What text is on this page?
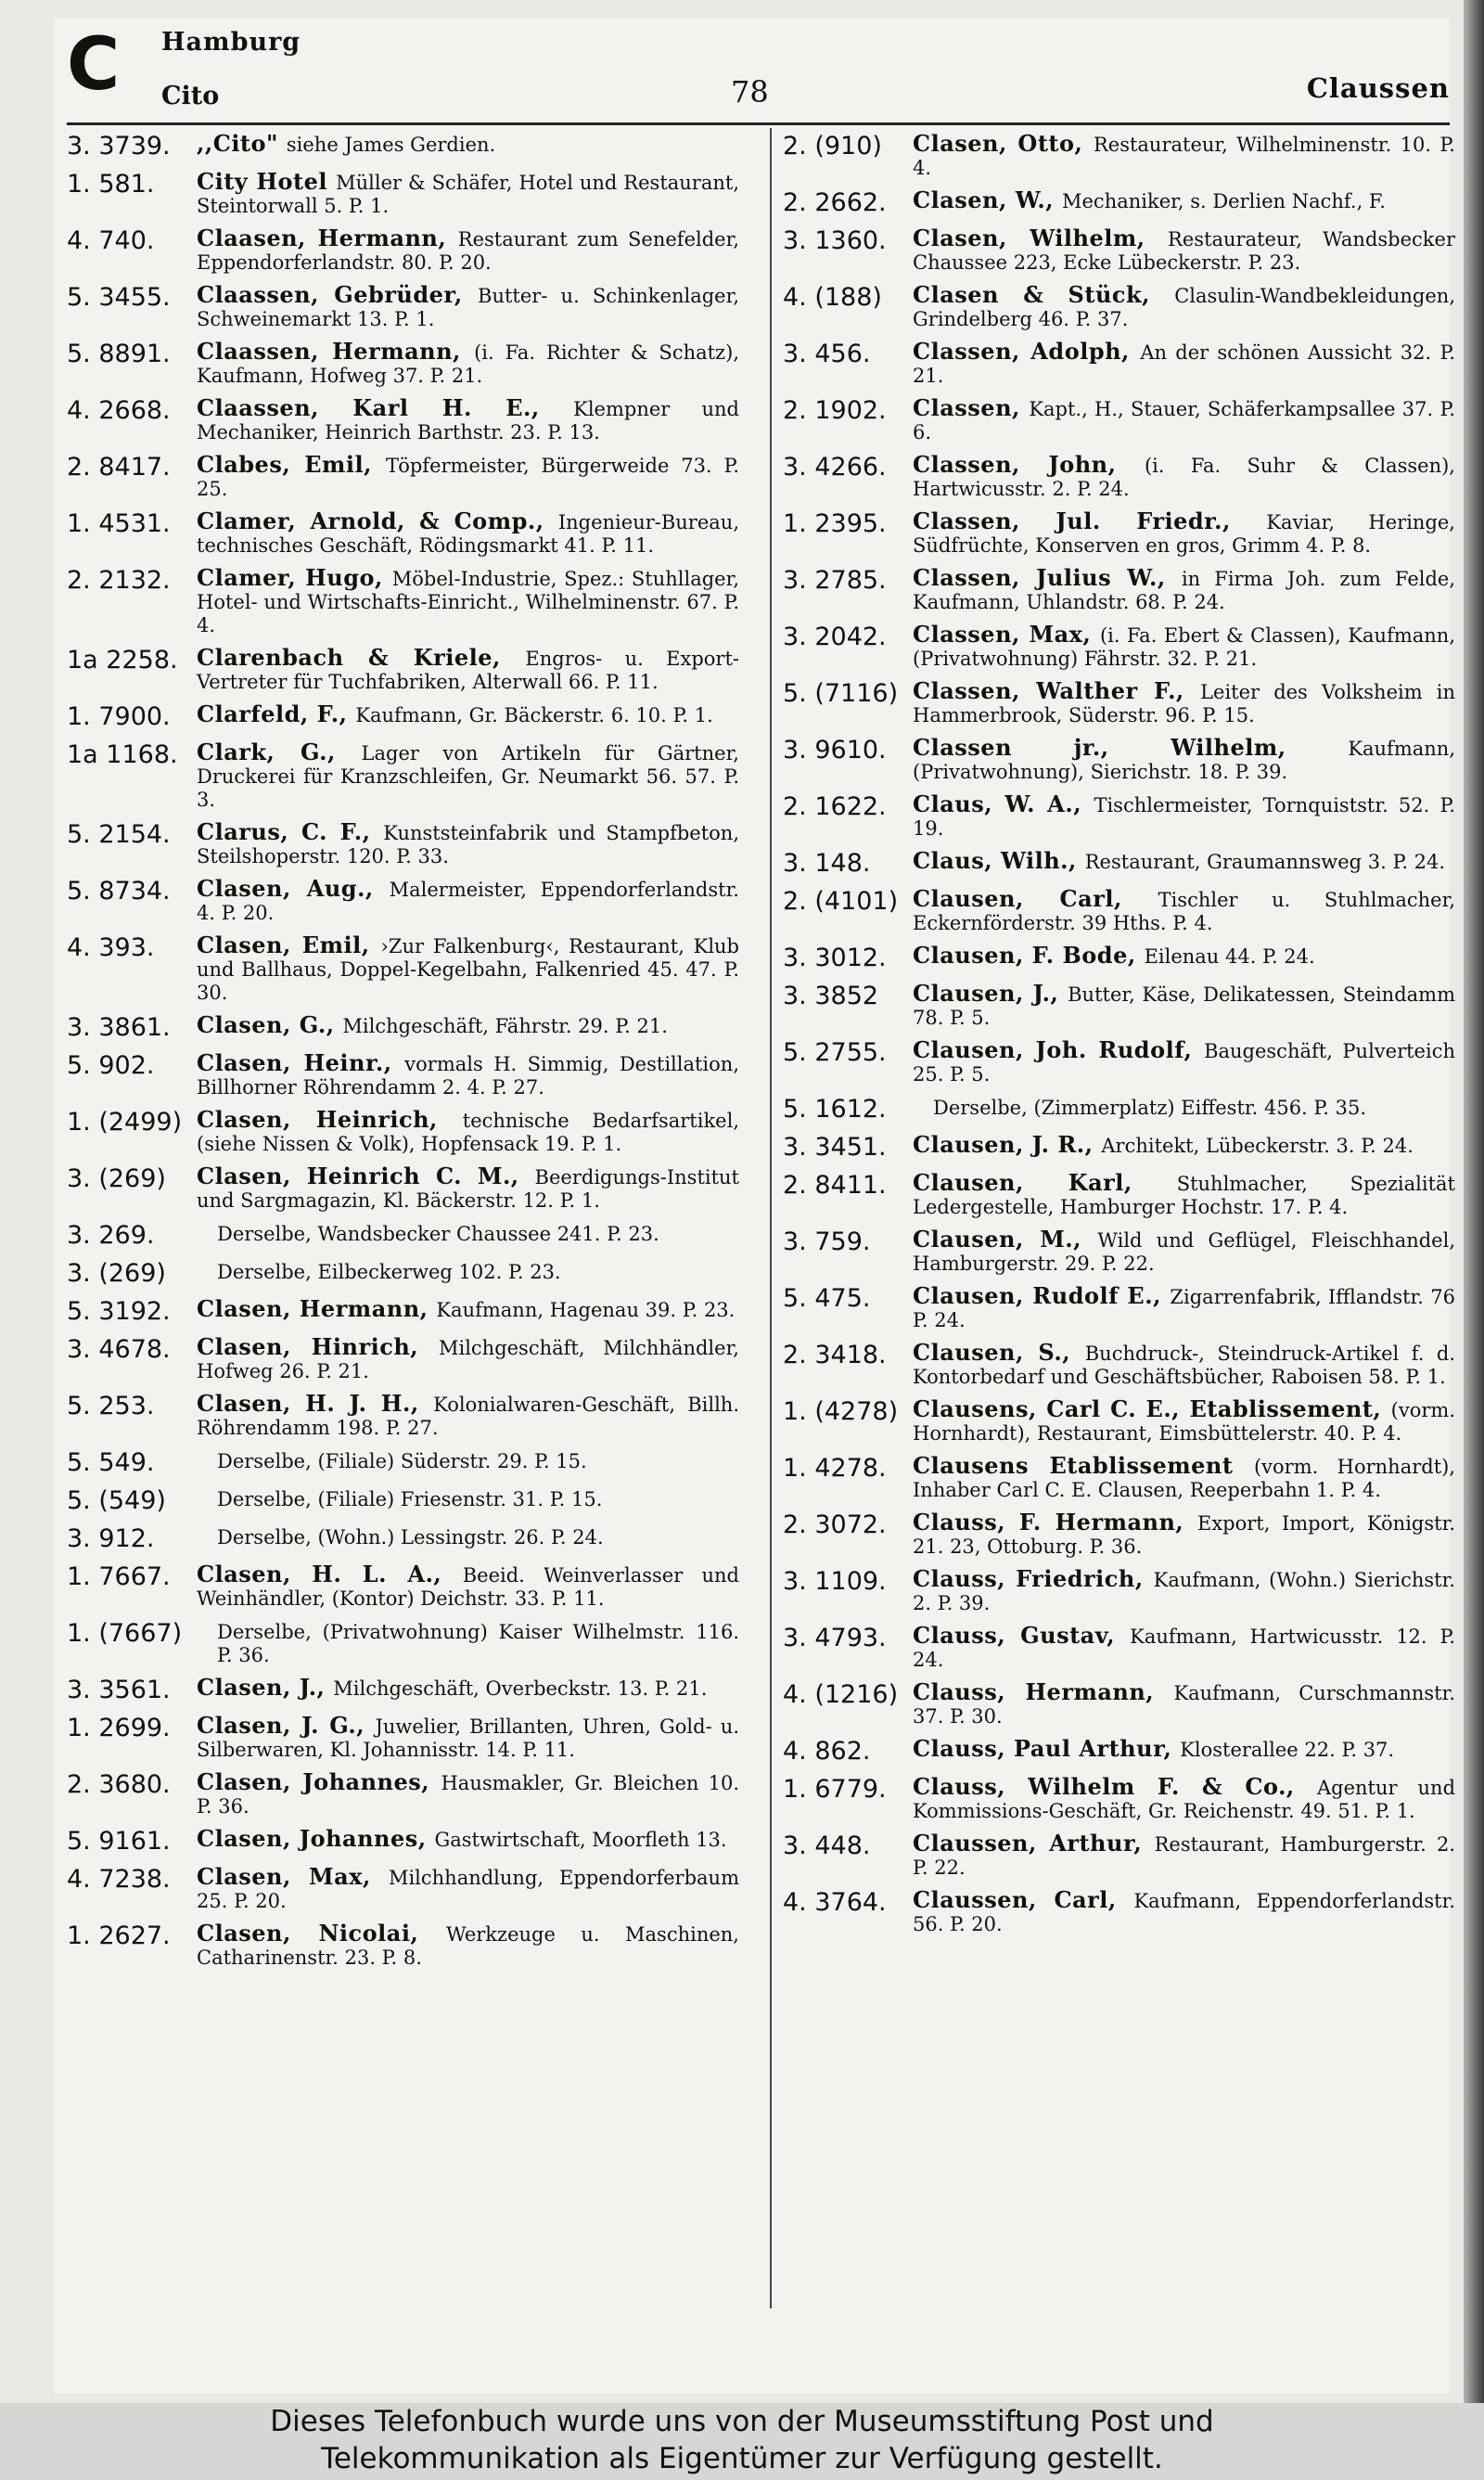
C Hamburg
Cito	78	Claussen
3. 3739.	,,Cito" siehe James Gerdien.
1. 581.	City Hotel Müller & Schäfer, Hotel und Restaurant, Steintorwall 5. P. 1.
4. 740.	Claasen, Hermann, Restaurant zum Senefelder, Eppendorferlandstr. 80. P. 20.
5. 3455.	Claassen, Gebrüder, Butter- u. Schinkenlager, Schweinemarkt 13. P. 1.
5. 8891.	Claassen, Hermann, (i. Fa. Richter & Schatz), Kaufmann, Hofweg 37. P. 21.
4. 2668.	Claassen, Karl H. E., Klempner und Mechaniker, Heinrich Barthstr. 23. P. 13.
2. 8417.	Clabes, Emil, Töpfermeister, Bürgerweide 73. P. 25.
1. 4531.	Clamer, Arnold, & Comp., Ingenieur-Bureau, technisches Geschäft, Rödingsmarkt 41. P. 11.
2. 2132.	Clamer, Hugo, Möbel-Industrie, Spez.: Stuhllager, Hotel- und Wirtschafts-Einricht., Wilhelminenstr. 67. P. 4.
1a 2258. Clarenbach & Kriele, Engros- u. Export-Vertreter für Tuchfabriken, Alterwall 66. P. 11.
1. 7900.	Clarfeld, F., Kaufmann, Gr. Bäckerstr. 6. 10. P. 1.
1a 1168. Clark, G., Lager von Artikeln für Gärtner, Druckerei für Kranzschleifen, Gr. Neumarkt 56. 57. P. 3.
5. 2154.	Clarus, C. F., Kunststeinfabrik und Stampfbeton, Steilshoperstr. 120. P. 33.
5. 8734.	Clasen, Aug., Malermeister, Eppendorferlandstr. 4. P. 20.
4. 393.	Clasen, Emil, ›Zur Falkenburg‹, Restaurant, Klub und Ballhaus, Doppel-Kegelbahn, Falkenried 45. 47. P. 30.
3. 3861.	Clasen, G., Milchgeschäft, Fährstr. 29. P. 21.
5. 902.	Clasen, Heinr., vormals H. Simmig, Destillation, Billhorner Röhrendamm 2. 4. P. 27.
1. (2499) Clasen, Heinrich, technische Bedarfsartikel, (siehe Nissen & Volk), Hopfensack 19. P. 1.
3. (269)	Clasen, Heinrich C. M., Beerdigungs-Institut und Sargmagazin, Kl. Bäckerstr. 12. P. 1.
3. 269.	Derselbe, Wandsbecker Chaussee 241. P. 23.
3. (269)	Derselbe, Eilbeckerweg 102. P. 23.
5. 3192.	Clasen, Hermann, Kaufmann, Hagenau 39. P. 23.
3. 4678.	Clasen, Hinrich, Milchgeschäft, Milchhändler, Hofweg 26. P. 21.
5. 253.	Clasen, H. J. H., Kolonialwaren-Geschäft, Billh. Röhrendamm 198. P. 27.
5. 549.	Derselbe, (Filiale) Süderstr. 29. P. 15.
5. (549)	Derselbe, (Filiale) Friesenstr. 31. P. 15.
3. 912.	Derselbe, (Wohn.) Lessingstr. 26. P. 24.
1. 7667.	Clasen, H. L. A., Beeid. Weinverlasser und Weinhändler, (Kontor) Deichstr. 33. P. 11.
1. (7667)	Derselbe, (Privatwohnung) Kaiser Wilhelmstr. 116. P. 36.
3. 3561.	Clasen, J., Milchgeschäft, Overbeckstr. 13. P. 21.
1. 2699.	Clasen, J. G., Juwelier, Brillanten, Uhren, Gold- u. Silberwaren, Kl. Johannisstr. 14. P. 11.
2. 3680.	Clasen, Johannes, Hausmakler, Gr. Bleichen 10. P. 36.
5. 9161.	Clasen, Johannes, Gastwirtschaft, Moorfleth 13.
4. 7238.	Clasen, Max, Milchhandlung, Eppendorferbaum 25. P. 20.
1. 2627.	Clasen, Nicolai, Werkzeuge u. Maschinen, Catharinenstr. 23. P. 8.
2. (910)	Clasen, Otto, Restaurateur, Wilhelminenstr. 10. P. 4.
2. 2662.	Clasen, W., Mechaniker, s. Derlien Nachf., F.
3. 1360.	Clasen, Wilhelm, Restaurateur, Wandsbecker Chaussee 223, Ecke Lübeckerstr. P. 23.
4. (188)	Clasen & Stück, Clasulin-Wandbekleidungen, Grindelberg 46. P. 37.
3. 456.	Classen, Adolph, An der schönen Aussicht 32. P. 21.
2. 1902.	Classen, Kapt., H., Stauer, Schäferkampsallee 37. P. 6.
3. 4266.	Classen, John, (i. Fa. Suhr & Classen), Hartwicusstr. 2. P. 24.
1. 2395.	Classen, Jul. Friedr., Kaviar, Heringe, Südfrüchte, Konserven en gros, Grimm 4. P. 8.
3. 2785.	Classen, Julius W., in Firma Joh. zum Felde, Kaufmann, Uhlandstr. 68. P. 24.
3. 2042.	Classen, Max, (i. Fa. Ebert & Classen), Kaufmann, (Privatwohnung) Fährstr. 32. P. 21.
5. (7116) Classen, Walther F., Leiter des Volksheim in Hammerbrook, Süderstr. 96. P. 15.
3. 9610.	Classen jr., Wilhelm, Kaufmann, (Privatwohnung), Sierichstr. 18. P. 39.
2. 1622.	Claus, W. A., Tischlermeister, Tornquiststr. 52. P. 19.
3. 148.	Claus, Wilh., Restaurant, Graumannsweg 3. P. 24.
2. (4101) Clausen, Carl, Tischler u. Stuhlmacher, Eckernförderstr. 39 Hths. P. 4.
3. 3012.	Clausen, F. Bode, Eilenau 44. P. 24.
3. 3852	Clausen, J., Butter, Käse, Delikatessen, Steindamm 78. P. 5.
5. 2755.	Clausen, Joh. Rudolf, Baugeschäft, Pulverteich 25. P. 5.
5. 1612.	Derselbe, (Zimmerplatz) Eiffestr. 456. P. 35.
3. 3451.	Clausen, J. R., Architekt, Lübeckerstr. 3. P. 24.
2. 8411.	Clausen, Karl, Stuhlmacher, Spezialität Ledergestelle, Hamburger Hochstr. 17. P. 4.
3. 759.	Clausen, M., Wild und Geflügel, Fleischhandel, Hamburgerstr. 29. P. 22.
5. 475.	Clausen, Rudolf E., Zigarrenfabrik, Ifflandstr. 76 P. 24.
2. 3418.	Clausen, S., Buchdruck-, Steindruck-Artikel f. d. Kontorbedarf und Geschäftsbücher, Raboisen 58. P. 1.
1. (4278) Clausens, Carl C. E., Etablissement, (vorm. Hornhardt), Restaurant, Eimsbüttelerstr. 40. P. 4.
1. 4278.	Clausens Etablissement (vorm. Hornhardt), Inhaber Carl C. E. Clausen, Reeperbahn 1. P. 4.
2. 3072.	Clauss, F. Hermann, Export, Import, Königstr. 21. 23, Ottoburg. P. 36.
3. 1109.	Clauss, Friedrich, Kaufmann, (Wohn.) Sierichstr. 2. P. 39.
3. 4793.	Clauss, Gustav, Kaufmann, Hartwicusstr. 12. P. 24.
4. (1216) Clauss, Hermann, Kaufmann, Curschmannstr. 37. P. 30.
4. 862.	Clauss, Paul Arthur, Klosterallee 22. P. 37.
1. 6779.	Clauss, Wilhelm F. & Co., Agentur und Kommissions-Geschäft, Gr. Reichenstr. 49. 51. P. 1.
3. 448.	Claussen, Arthur, Restaurant, Hamburgerstr. 2. P. 22.
4. 3764.	Claussen, Carl, Kaufmann, Eppendorferlandstr. 56. P. 20.
Dieses Telefonbuch wurde uns von der Museumsstiftung Post und
Telekommunikation als Eigentümer zur Verfügung gestellt.
